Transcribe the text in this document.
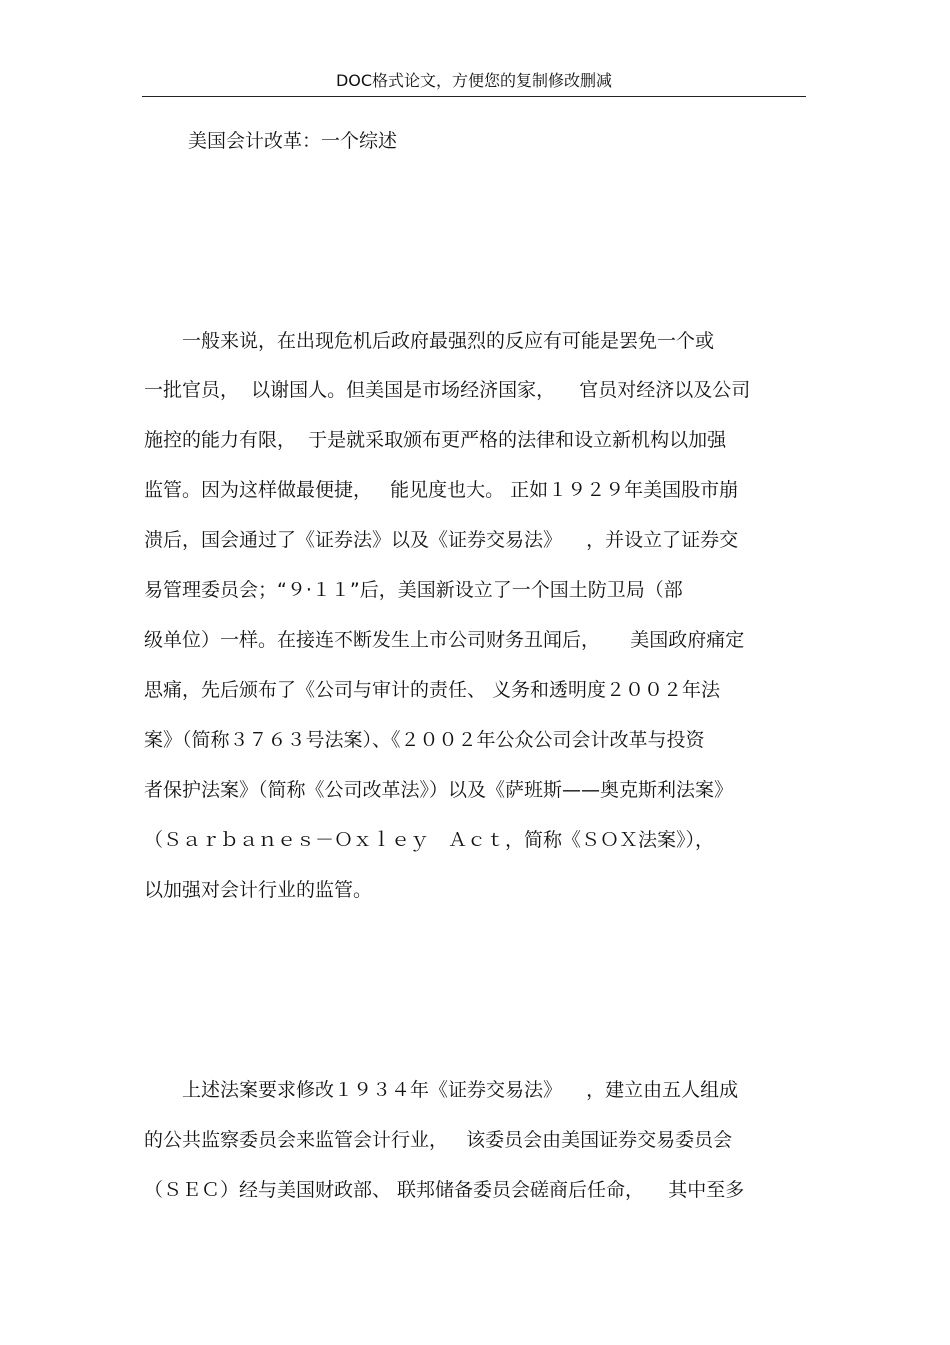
DOC格式论文，方便您的复制修改删减
美国会计改革：一个综述
　　一般来说，在出现危机后政府最强烈的反应有可能是罢免一个或
一批官员，  以谢国人。但美国是市场经济国家，    官员对经济以及公司
施控的能力有限，  于是就采取颁布更严格的法律和设立新机构以加强
监管。因为这样做最便捷，   能见度也大。 正如１９２９年美国股市崩
溃后，国会通过了《证券法》以及《证券交易法》    ，并设立了证券交
易管理委员会；“９·１１”后，美国新设立了一个国土防卫局（部
级单位）一样。在接连不断发生上市公司财务丑闻后，     美国政府痛定
思痛，先后颁布了《公司与审计的责任、 义务和透明度２００２年法
案》（简称３７６３号法案）、《２００２年公众公司会计改革与投资
者保护法案》（简称《公司改革法》）以及《萨班斯——奥克斯利法案》
（Ｓａｒｂａｎｅｓ－Ｏｘｌｅｙ　Ａｃｔ，简称《ＳＯＸ法案》），
以加强对会计行业的监管。
　　上述法案要求修改１９３４年《证券交易法》    ，建立由五人组成
的公共监察委员会来监管会计行业，   该委员会由美国证券交易委员会
（ＳＥＣ）经与美国财政部、 联邦储备委员会磋商后任命，    其中至多
